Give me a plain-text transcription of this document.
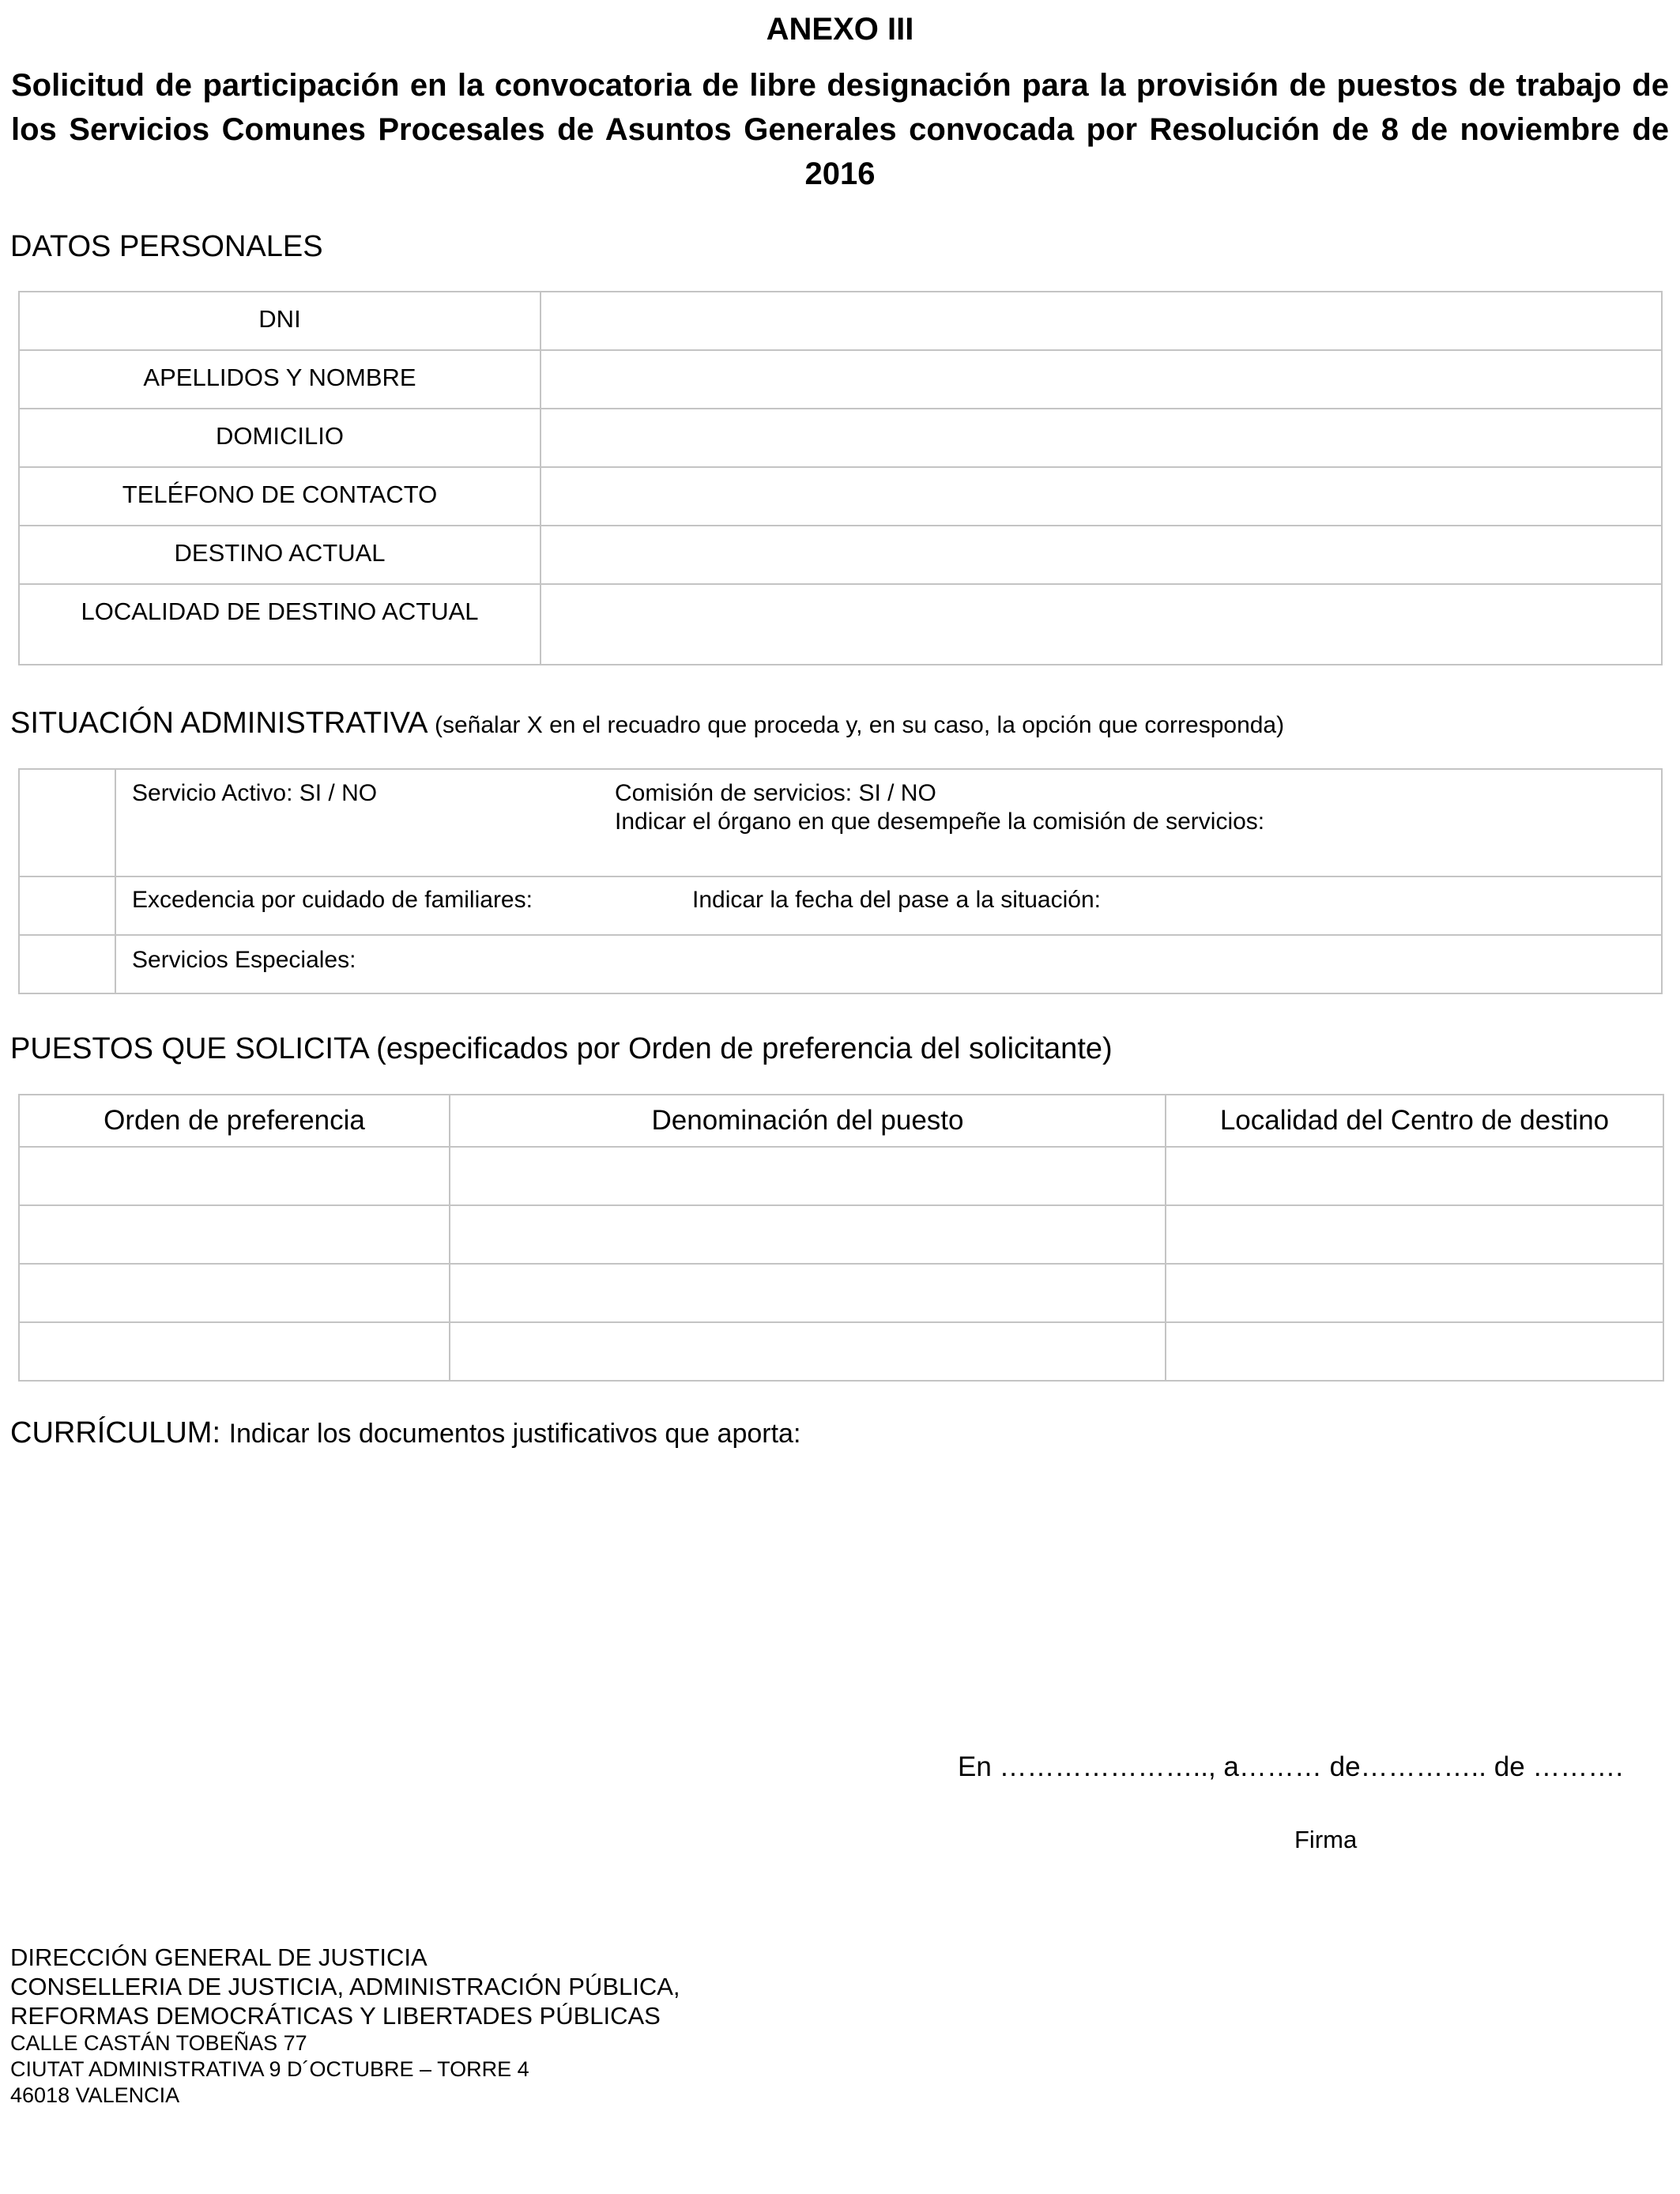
ANEXO III
Solicitud de participación en la convocatoria de libre designación para la provisión de puestos de trabajo de los Servicios Comunes Procesales de Asuntos Generales convocada por Resolución de 8 de noviembre de 2016
DATOS PERSONALES
DNI	
APELLIDOS Y NOMBRE	
DOMICILIO	
TELÉFONO DE CONTACTO	
DESTINO ACTUAL	
LOCALIDAD DE DESTINO ACTUAL	
SITUACIÓN ADMINISTRATIVA (señalar X en el recuadro que proceda y, en su caso, la opción que corresponda)

	Servicio Activo: SI / NO Comisión de servicios: SI / NO
Indicar el órgano en que desempeñe la comisión de servicios:

	Excedencia por cuidado de familiares: Indicar la fecha del pase a la situación:

	Servicios Especiales:
PUESTOS QUE SOLICITA (especificados por Orden de preferencia del solicitante)
Orden de preferencia	Denominación del puesto	Localidad del Centro de destino

CURRÍCULUM: Indicar los documentos justificativos que aporta:
En ………………….., a……… de………….. de ……….
Firma
DIRECCIÓN GENERAL DE JUSTICIA
CONSELLERIA DE JUSTICIA, ADMINISTRACIÓN PÚBLICA,
REFORMAS DEMOCRÁTICAS Y LIBERTADES PÚBLICAS
CALLE CASTÁN TOBEÑAS 77
CIUTAT ADMINISTRATIVA 9 D´OCTUBRE – TORRE 4
46018 VALENCIA
